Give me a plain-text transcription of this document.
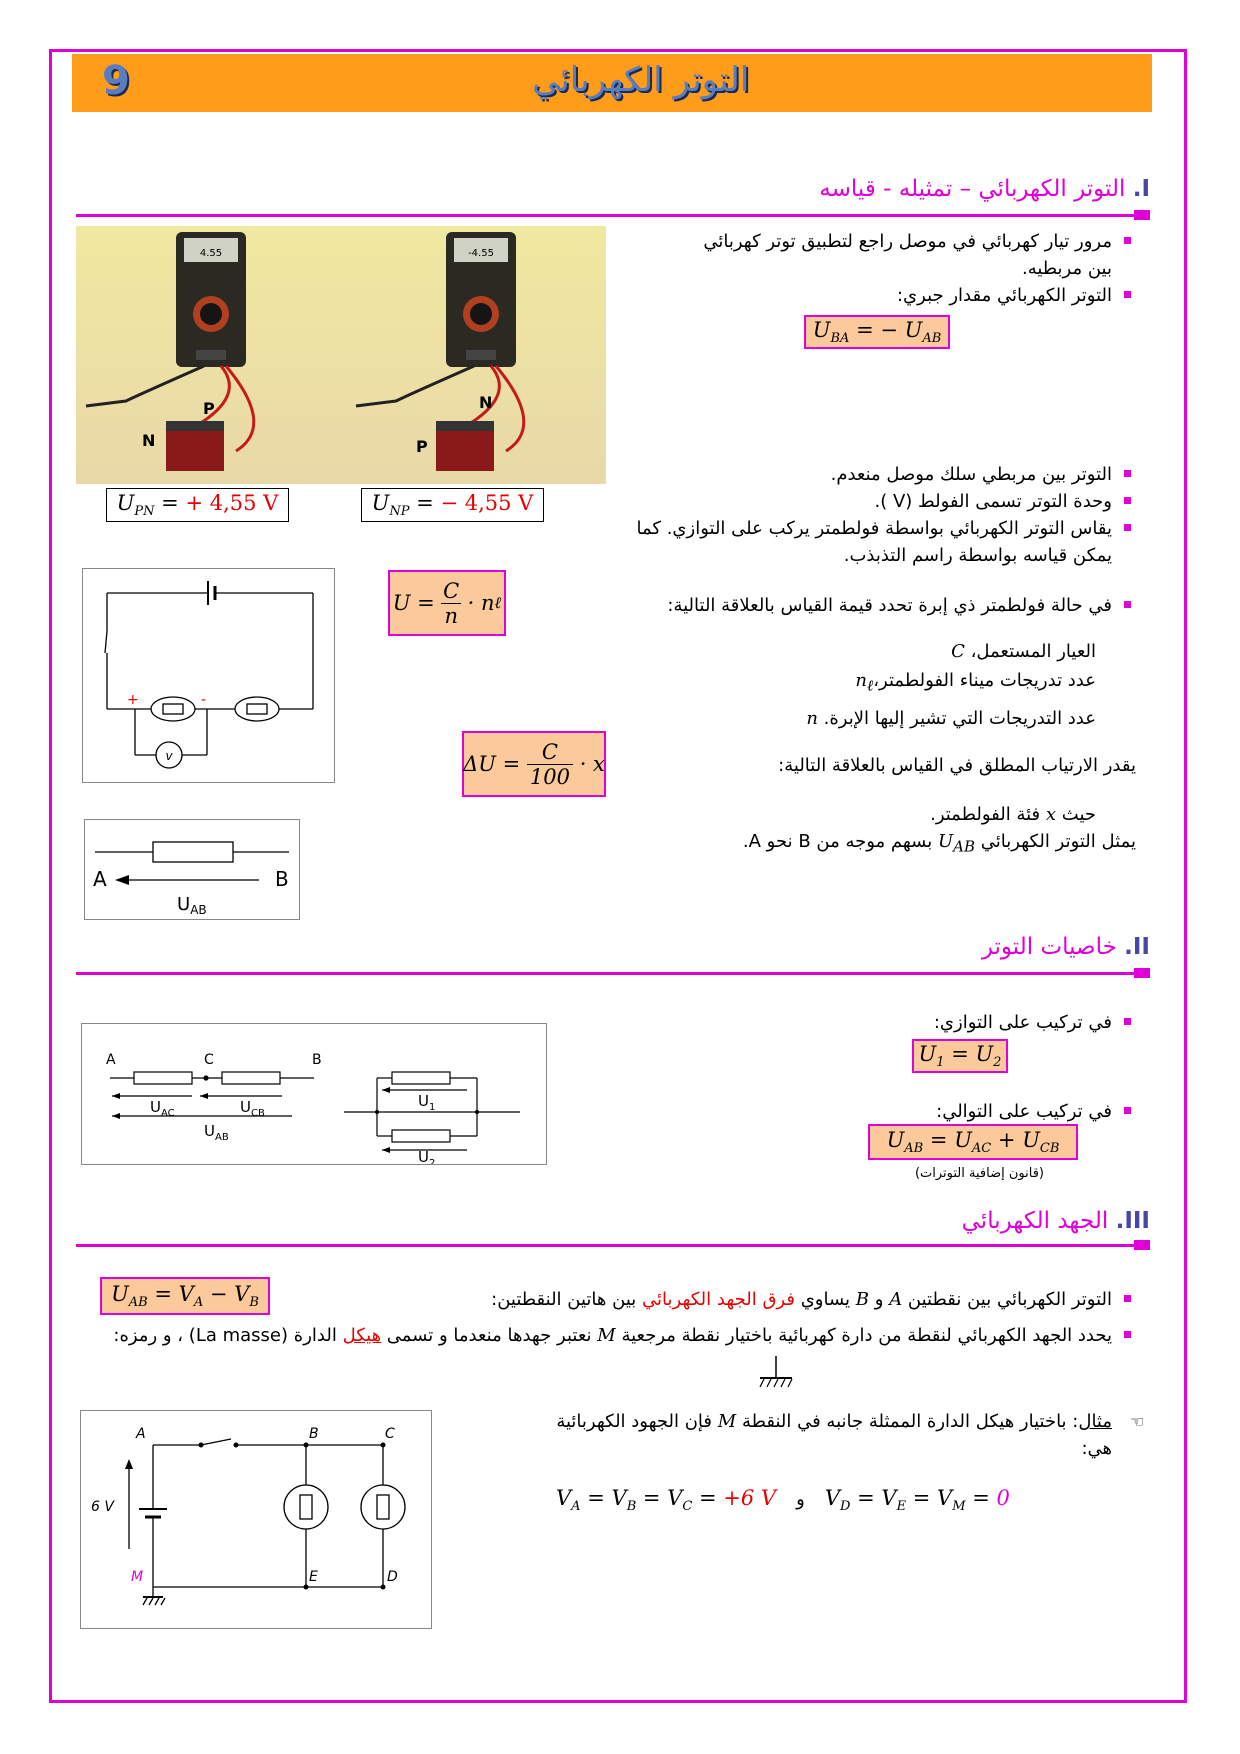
9	التوتر الكهربائي
I. التوتر الكهربائي – تمثيله - قياسه
4.55
P
N
-4.55
N
P
$U_{PN}$ = + 4,55 V	$U_{NP}$ = − 4,55 V
مرور تيار كهربائي في موصل راجع لتطبيق توتر كهربائي بين مربطيه.
التوتر الكهربائي مقدار جبري:
$U_{BA}$ = − $U_{AB}$
التوتر بين مربطي سلك موصل منعدم.
وحدة التوتر تسمى الفولط (V ).
يقاس التوتر الكهربائي بواسطة فولطمتر يركب على التوازي. كما يمكن قياسه بواسطة راسم التذبذب.
v
+	-
U =
C
n
· n ℓ	في حالة فولطمتر ذي إبرة تحدد قيمة القياس بالعلاقة التالية:
العيار المستعمل، C
عدد تدريجات ميناء $الفولطمتر،n_\ell$
عدد التدريجات التي تشير إليها الإبرة. n
ΔU =
C
100
· x	يقدر الارتياب المطلق في القياس بالعلاقة التالية:
حيث x فئة الفولطمتر.
يمثل التوتر الكهربائي $U_{AB}$ بسهم موجه من B نحو A.
A	B
$U_{AB}$
II. خاصيات التوتر
A	C	B
$U_{AC}$	$U_{CB}$
$U_{AB}$
$U_1$
$U_2$
في تركيب على التوازي:
$U_1 = U_2$
في تركيب على التوالي:
$U_{AB} = U_{AC} + U_{CB}$
(قانون إضافية التوترات)
III. الجهد الكهربائي
$U_{AB} = V_A - V_B$	التوتر الكهربائي بين نقطتين A و B يساوي فرق الجهد الكهربائي بين هاتين النقطتين:
يحدد الجهد الكهربائي لنقطة من دارة كهربائية باختيار نقطة مرجعية M نعتبر جهدها منعدما و تسمى هيكل الدارة (La masse) ، و رمزه:
A	B	C
E	D
M
6 V
☜
مثال: باختيار هيكل الدارة الممثلة جانبه في النقطة M فإن الجهود الكهربائية هي:
$V_A = V_B = V_C = +6$ V و   $V_D = V_E = V_M = 0$
